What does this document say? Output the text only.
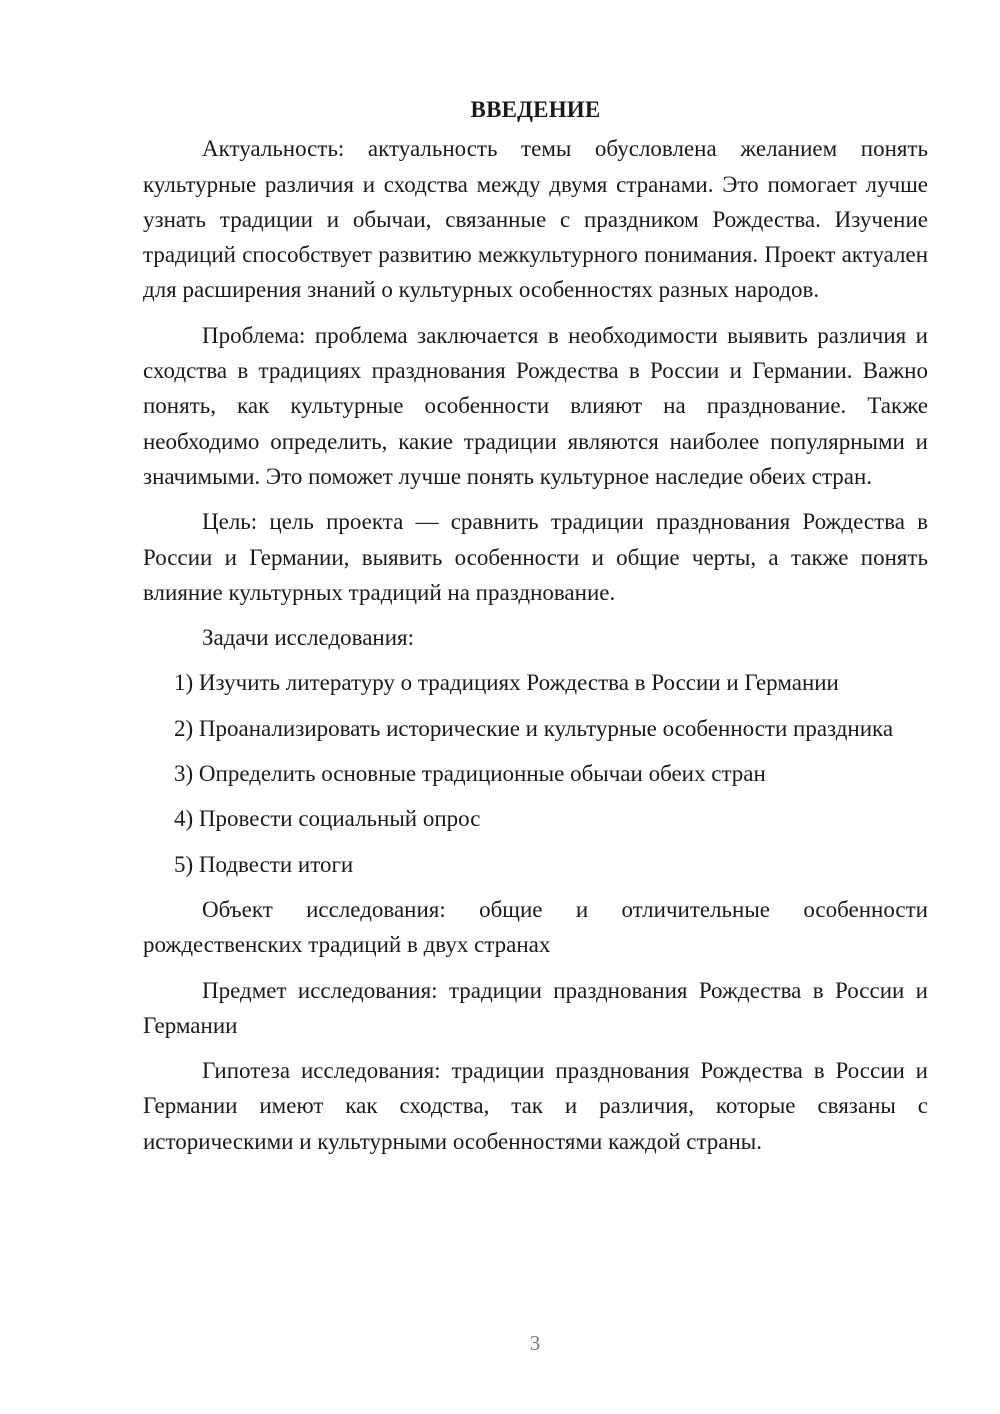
ВВЕДЕНИЕ

Актуальность: актуальность темы обусловлена желанием понять культурные различия и сходства между двумя странами. Это помогает лучше узнать традиции и обычаи, связанные с праздником Рождества. Изучение традиций способствует развитию межкультурного понимания. Проект актуален для расширения знаний о культурных особенностях разных народов.

Проблема: проблема заключается в необходимости выявить различия и сходства в традициях празднования Рождества в России и Германии. Важно понять, как культурные особенности влияют на празднование. Также необходимо определить, какие традиции являются наиболее популярными и значимыми. Это поможет лучше понять культурное наследие обеих стран.

Цель: цель проекта — сравнить традиции празднования Рождества в России и Германии, выявить особенности и общие черты, а также понять влияние культурных традиций на празднование.

Задачи исследования:

1) Изучить литературу о традициях Рождества в России и Германии

2) Проанализировать исторические и культурные особенности праздника

3) Определить основные традиционные обычаи обеих стран

4) Провести социальный опрос

5) Подвести итоги

Объект исследования: общие и отличительные особенности рождественских традиций в двух странах

Предмет исследования: традиции празднования Рождества в России и Германии

Гипотеза исследования: традиции празднования Рождества в России и Германии имеют как сходства, так и различия, которые связаны с историческими и культурными особенностями каждой страны.

3
